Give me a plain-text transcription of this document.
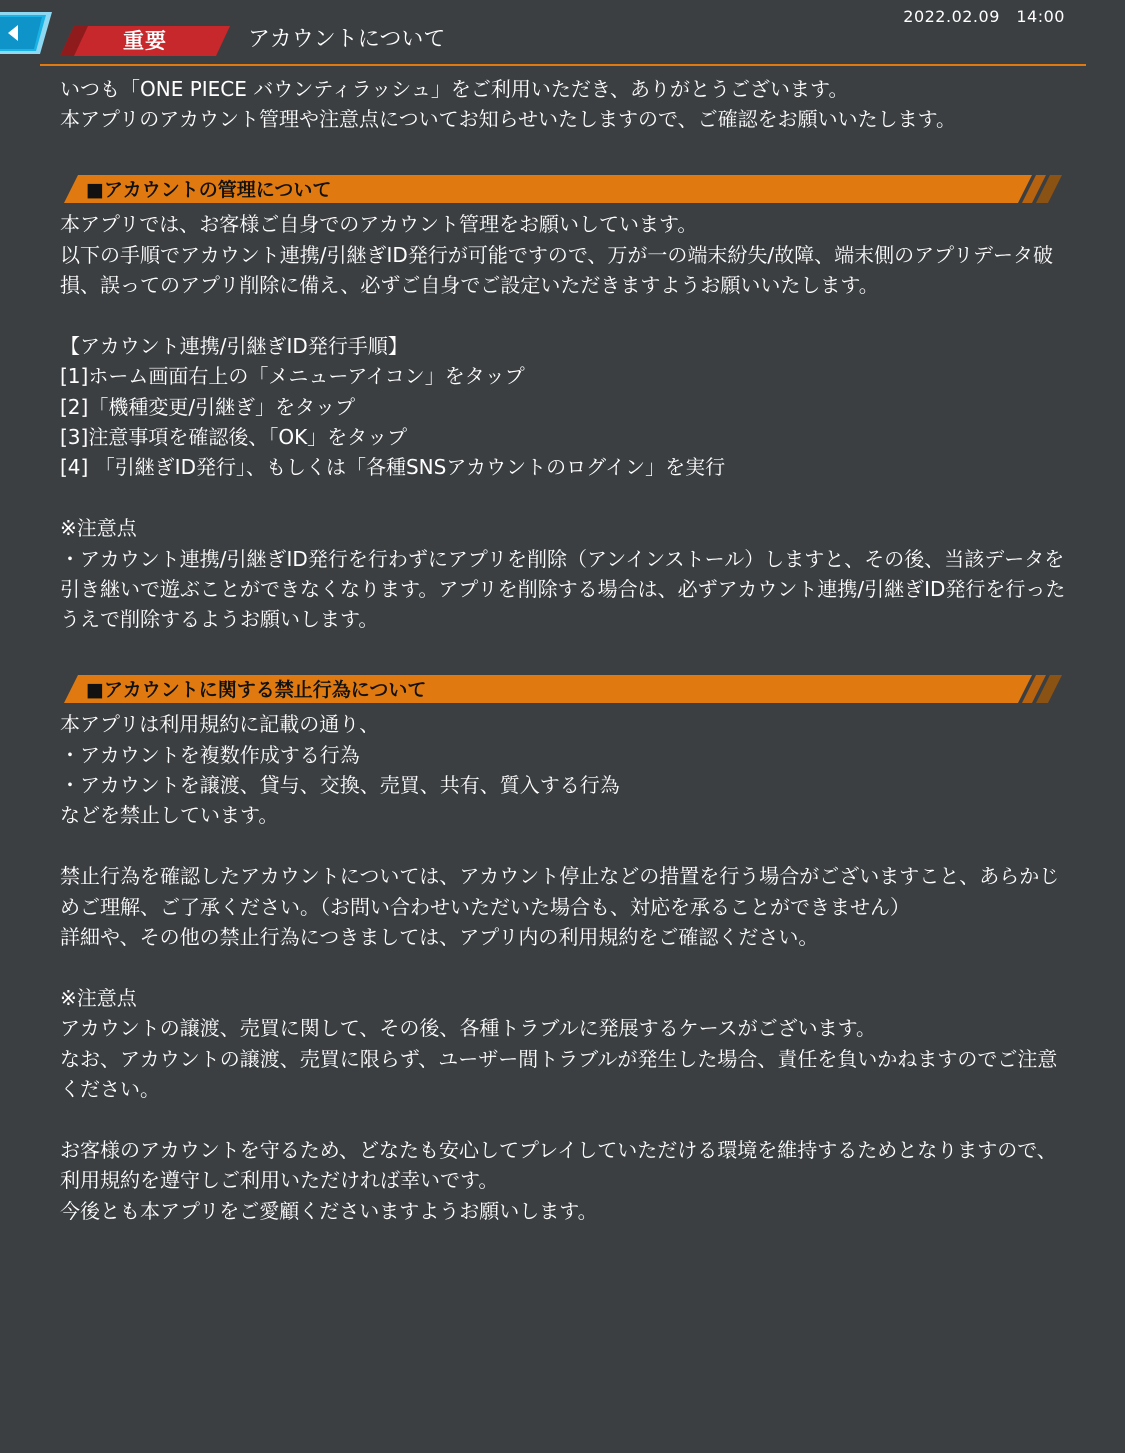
重要	アカウントについて
2022.02.09　14:00

いつも「ONE PIECE バウンティラッシュ」をご利用いただき、ありがとうございます。
本アプリのアカウント管理や注意点についてお知らせいたしますので、ご確認をお願いいたします。

■アカウントの管理について

本アプリでは、お客様ご自身でのアカウント管理をお願いしています。
以下の手順でアカウント連携/引継ぎID発行が可能ですので、万が一の端末紛失/故障、端末側のアプリデータ破損、誤ってのアプリ削除に備え、必ずご自身でご設定いただきますようお願いいたします。

【アカウント連携/引継ぎID発行手順】

[1]ホーム画面右上の「メニューアイコン」をタップ

[2]「機種変更/引継ぎ」をタップ

[3]注意事項を確認後、「OK」をタップ

[4] 「引継ぎID発行」、もしくは「各種SNSアカウントのログイン」を実行

※注意点

・アカウント連携/引継ぎID発行を行わずにアプリを削除（アンインストール）しますと、その後、当該データを引き継いで遊ぶことができなくなります。アプリを削除する場合は、必ずアカウント連携/引継ぎID発行を行ったうえで削除するようお願いします。

■アカウントに関する禁止行為について

本アプリは利用規約に記載の通り、
・アカウントを複数作成する行為
・アカウントを譲渡、貸与、交換、売買、共有、質入する行為
などを禁止しています。

禁止行為を確認したアカウントについては、アカウント停止などの措置を行う場合がございますこと、あらかじめご理解、ご了承ください。（お問い合わせいただいた場合も、対応を承ることができません）
詳細や、その他の禁止行為につきましては、アプリ内の利用規約をご確認ください。

※注意点

アカウントの譲渡、売買に関して、その後、各種トラブルに発展するケースがございます。
なお、アカウントの譲渡、売買に限らず、ユーザー間トラブルが発生した場合、責任を負いかねますのでご注意ください。

お客様のアカウントを守るため、どなたも安心してプレイしていただける環境を維持するためとなりますので、利用規約を遵守しご利用いただければ幸いです。
今後とも本アプリをご愛顧くださいますようお願いします。
